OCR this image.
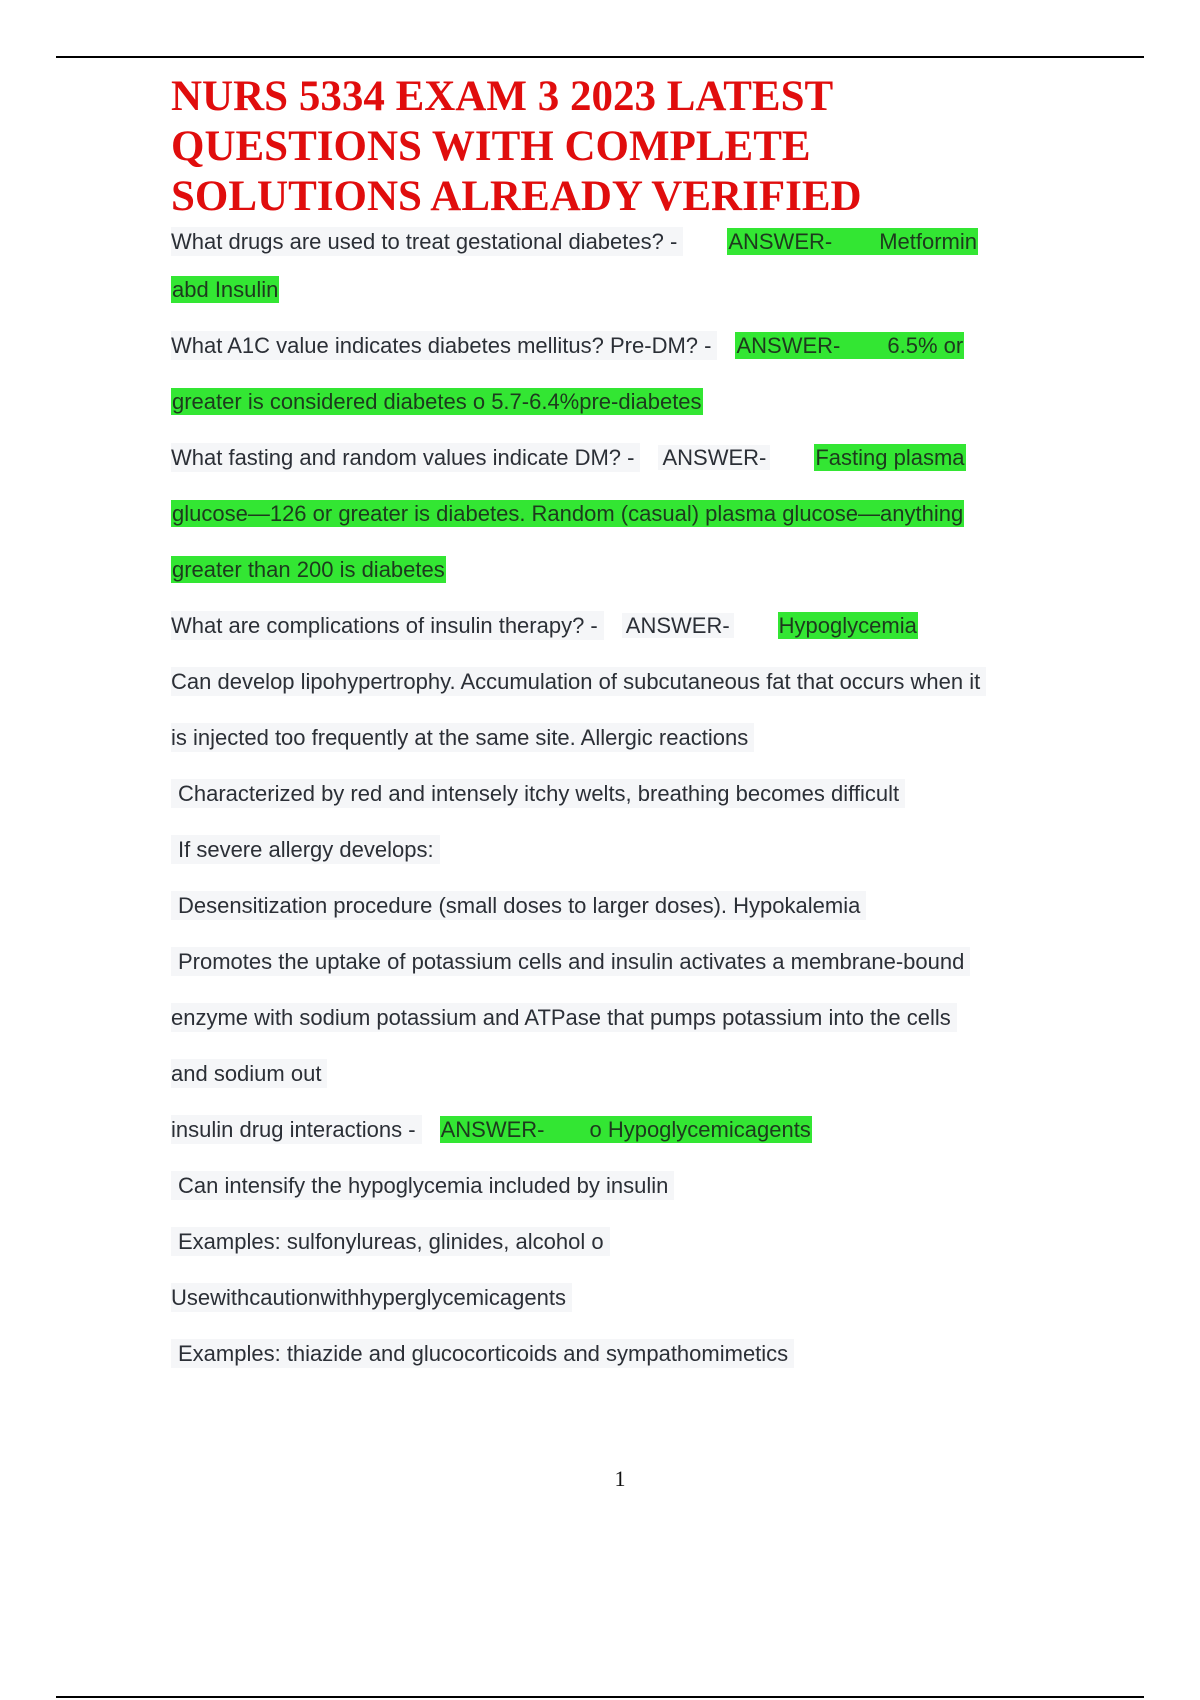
NURS 5334 EXAM 3 2023 LATEST
QUESTIONS WITH COMPLETE
SOLUTIONS ALREADY VERIFIED
What drugs are used to treat gestational diabetes? - ANSWER- Metformin
abd Insulin
What A1C value indicates diabetes mellitus? Pre-DM? - ANSWER- 6.5% or
greater is considered diabetes o 5.7-6.4%pre-diabetes
What fasting and random values indicate DM? - ANSWER- Fasting plasma
glucose—126 or greater is diabetes. Random (casual) plasma glucose—anything
greater than 200 is diabetes
What are complications of insulin therapy? - ANSWER- Hypoglycemia
Can develop lipohypertrophy. Accumulation of subcutaneous fat that occurs when it
is injected too frequently at the same site. Allergic reactions
Characterized by red and intensely itchy welts, breathing becomes difficult
If severe allergy develops:
Desensitization procedure (small doses to larger doses). Hypokalemia
Promotes the uptake of potassium cells and insulin activates a membrane-bound
enzyme with sodium potassium and ATPase that pumps potassium into the cells
and sodium out
insulin drug interactions - ANSWER- o Hypoglycemicagents
Can intensify the hypoglycemia included by insulin
Examples: sulfonylureas, glinides, alcohol o
Usewithcautionwithhyperglycemicagents
Examples: thiazide and glucocorticoids and sympathomimetics
1
